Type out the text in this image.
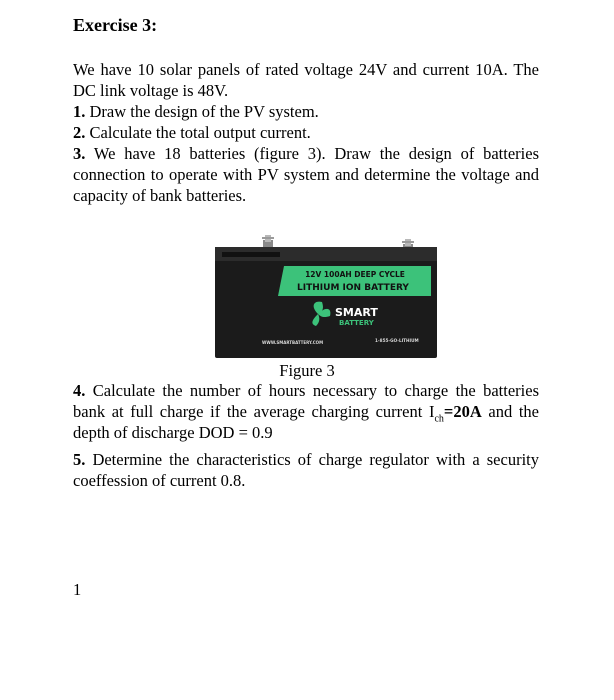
Exercise 3:
We have 10 solar panels of rated voltage 24V and current 10A. The DC link voltage is 48V.
1. Draw the design of the PV system.
2. Calculate the total output current.
3. We have 18 batteries (figure 3). Draw the design of batteries connection to operate with PV system and determine the voltage and capacity of bank batteries.
12V 100AH DEEP CYCLE
LITHIUM ION BATTERY
SMART
BATTERY
WWW.SMARTBATTERY.COM	1-855-GO-LITHIUM
Figure 3
4. Calculate the number of hours necessary to charge the batteries bank at full charge if the average charging current $I_{ch}=20A$ and the depth of discharge DOD = 0.9
5. Determine the characteristics of charge regulator with a security coeffession of current 0.8.
1
